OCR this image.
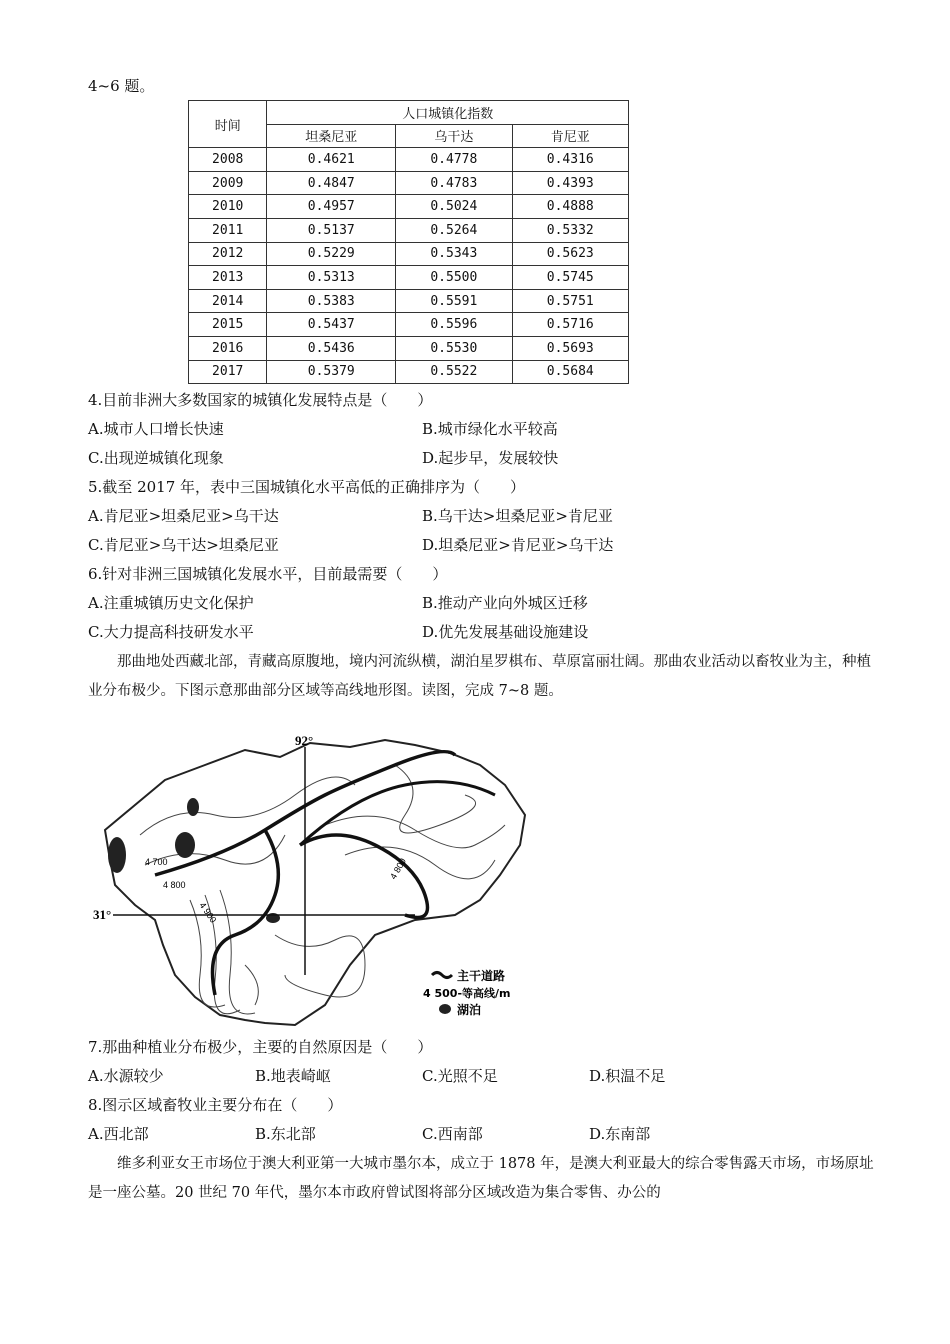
4~6 题。
时间	人口城镇化指数		
	坦桑尼亚	乌干达	肯尼亚
2008	0.4621	0.4778	0.4316
2009	0.4847	0.4783	0.4393
2010	0.4957	0.5024	0.4888
2011	0.5137	0.5264	0.5332
2012	0.5229	0.5343	0.5623
2013	0.5313	0.5500	0.5745
2014	0.5383	0.5591	0.5751
2015	0.5437	0.5596	0.5716
2016	0.5436	0.5530	0.5693
2017	0.5379	0.5522	0.5684
4.目前非洲大多数国家的城镇化发展特点是（　　）
A.城市人口增长快速	B.城市绿化水平较高
C.出现逆城镇化现象	D.起步早，发展较快
5.截至 2017 年，表中三国城镇化水平高低的正确排序为（　　）
A.肯尼亚>坦桑尼亚>乌干达	B.乌干达>坦桑尼亚>肯尼亚
C.肯尼亚>乌干达>坦桑尼亚	D.坦桑尼亚>肯尼亚>乌干达
6.针对非洲三国城镇化发展水平，目前最需要（　　）
A.注重城镇历史文化保护	B.推动产业向外城区迁移
C.大力提高科技研发水平	D.优先发展基础设施建设
那曲地处西藏北部，青藏高原腹地，境内河流纵横，湖泊星罗棋布、草原富丽壮阔。那曲农业活动以畜牧业为主，种植业分布极少。下图示意那曲部分区域等高线地形图。读图，完成 7~8 题。
92°
31°
4 700
4 800
4 900
4 800
主干道路
4 500-等高线/m
湖泊
7.那曲种植业分布极少，主要的自然原因是（　　）
A.水源较少	B.地表崎岖	C.光照不足	D.积温不足
8.图示区域畜牧业主要分布在（　　）
A.西北部	B.东北部	C.西南部	D.东南部
维多利亚女王市场位于澳大利亚第一大城市墨尔本，成立于 1878 年，是澳大利亚最大的综合零售露天市场，市场原址是一座公墓。20 世纪 70 年代，墨尔本市政府曾试图将部分区域改造为集合零售、办公的
